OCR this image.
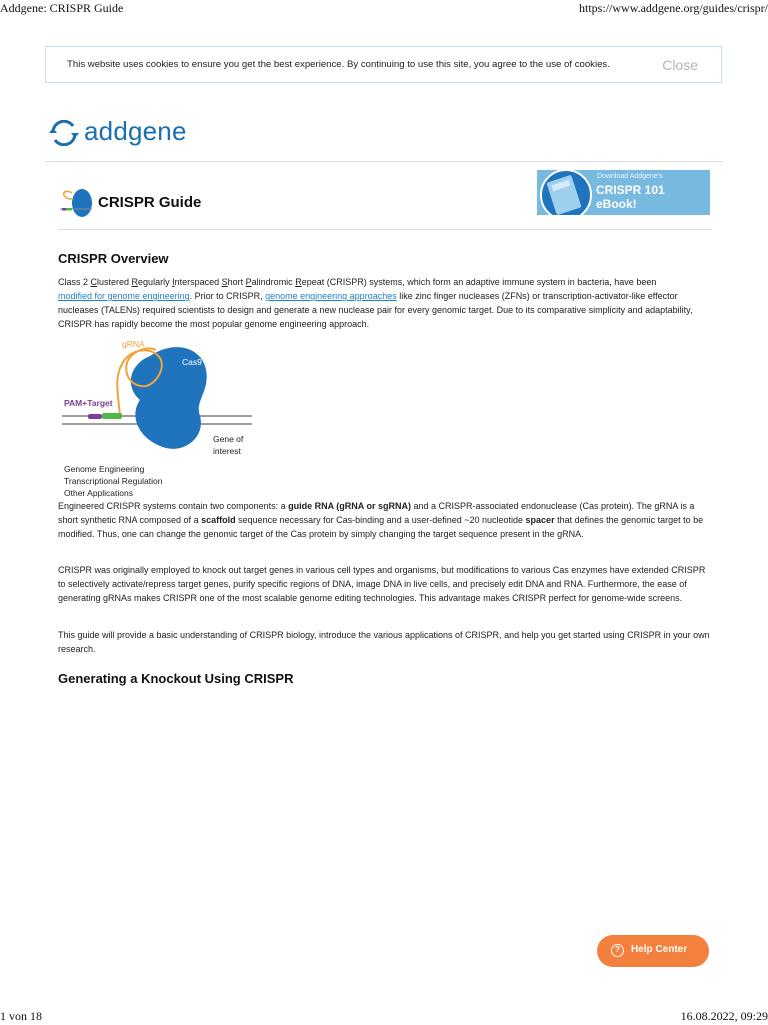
Addgene: CRISPR Guide	https://www.addgene.org/guides/crispr/
This website uses cookies to ensure you get the best experience. By continuing to use this site, you agree to the use of cookies.	Close
addgene
CRISPR Guide
Download Addgene's
CRISPR 101
eBook!
CRISPR Overview
Class 2 Clustered Regularly Interspaced Short Palindromic Repeat (CRISPR) systems, which form an adaptive immune system in bacteria, have been
modified for genome engineering. Prior to CRISPR, genome engineering approaches like zinc finger nucleases (ZFNs) or transcription-activator-like effector nucleases (TALENs) required scientists to design and generate a new nuclease pair for every genomic target. Due to its comparative simplicity and adaptability, CRISPR has rapidly become the most popular genome engineering approach.
gRNA
Cas9
PAM+Target
Gene of
interest
Genome Engineering
Transcriptional Regulation
Other Applications
Engineered CRISPR systems contain two components: a guide RNA (gRNA or sgRNA) and a CRISPR-associated endonuclease (Cas protein). The gRNA is a short synthetic RNA composed of a scaffold sequence necessary for Cas-binding and a user-defined ~20 nucleotide spacer that defines the genomic target to be modified. Thus, one can change the genomic target of the Cas protein by simply changing the target sequence present in the gRNA.
CRISPR was originally employed to knock out target genes in various cell types and organisms, but modifications to various Cas enzymes have extended CRISPR to selectively activate/repress target genes, purify specific regions of DNA, image DNA in live cells, and precisely edit DNA and RNA. Furthermore, the ease of generating gRNAs makes CRISPR one of the most scalable genome editing technologies. This advantage makes CRISPR perfect for genome-wide screens.
This guide will provide a basic understanding of CRISPR biology, introduce the various applications of CRISPR, and help you get started using CRISPR in your own research.
Generating a Knockout Using CRISPR
?	Help Center
1 von 18	16.08.2022, 09:29
